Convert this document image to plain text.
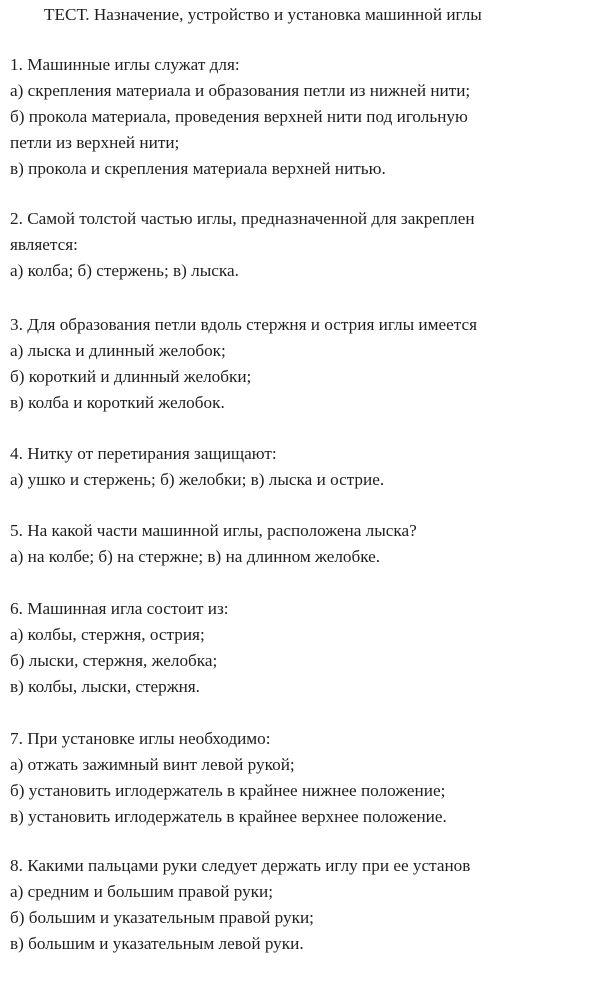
ТЕСТ. Назначение, устройство и установка машинной иглы
1. Машинные иглы служат для:
а) скрепления материала и образования петли из нижней нити;
б) прокола материала, проведения верхней нити под игольную
петли из верхней нити;
в) прокола и скрепления материала верхней нитью.
2. Самой толстой частью иглы, предназначенной для закреплен
является:
а) колба; б) стержень; в) лыска.
3. Для образования петли вдоль стержня и острия иглы имеется
а) лыска и длинный желобок;
б) короткий и длинный желобки;
в) колба и короткий желобок.
4. Нитку от перетирания защищают:
а) ушко и стержень; б) желобки; в) лыска и острие.
5. На какой части машинной иглы, расположена лыска?
а) на колбе; б) на стержне; в) на длинном желобке.
6. Машинная игла состоит из:
а) колбы, стержня, острия;
б) лыски, стержня, желобка;
в) колбы, лыски, стержня.
7. При установке иглы необходимо:
а) отжать зажимный винт левой рукой;
б) установить иглодержатель в крайнее нижнее положение;
в) установить иглодержатель в крайнее верхнее положение.
8. Какими пальцами руки следует держать иглу при ее установ
а) средним и большим правой руки;
б) большим и указательным правой руки;
в) большим и указательным левой руки.
